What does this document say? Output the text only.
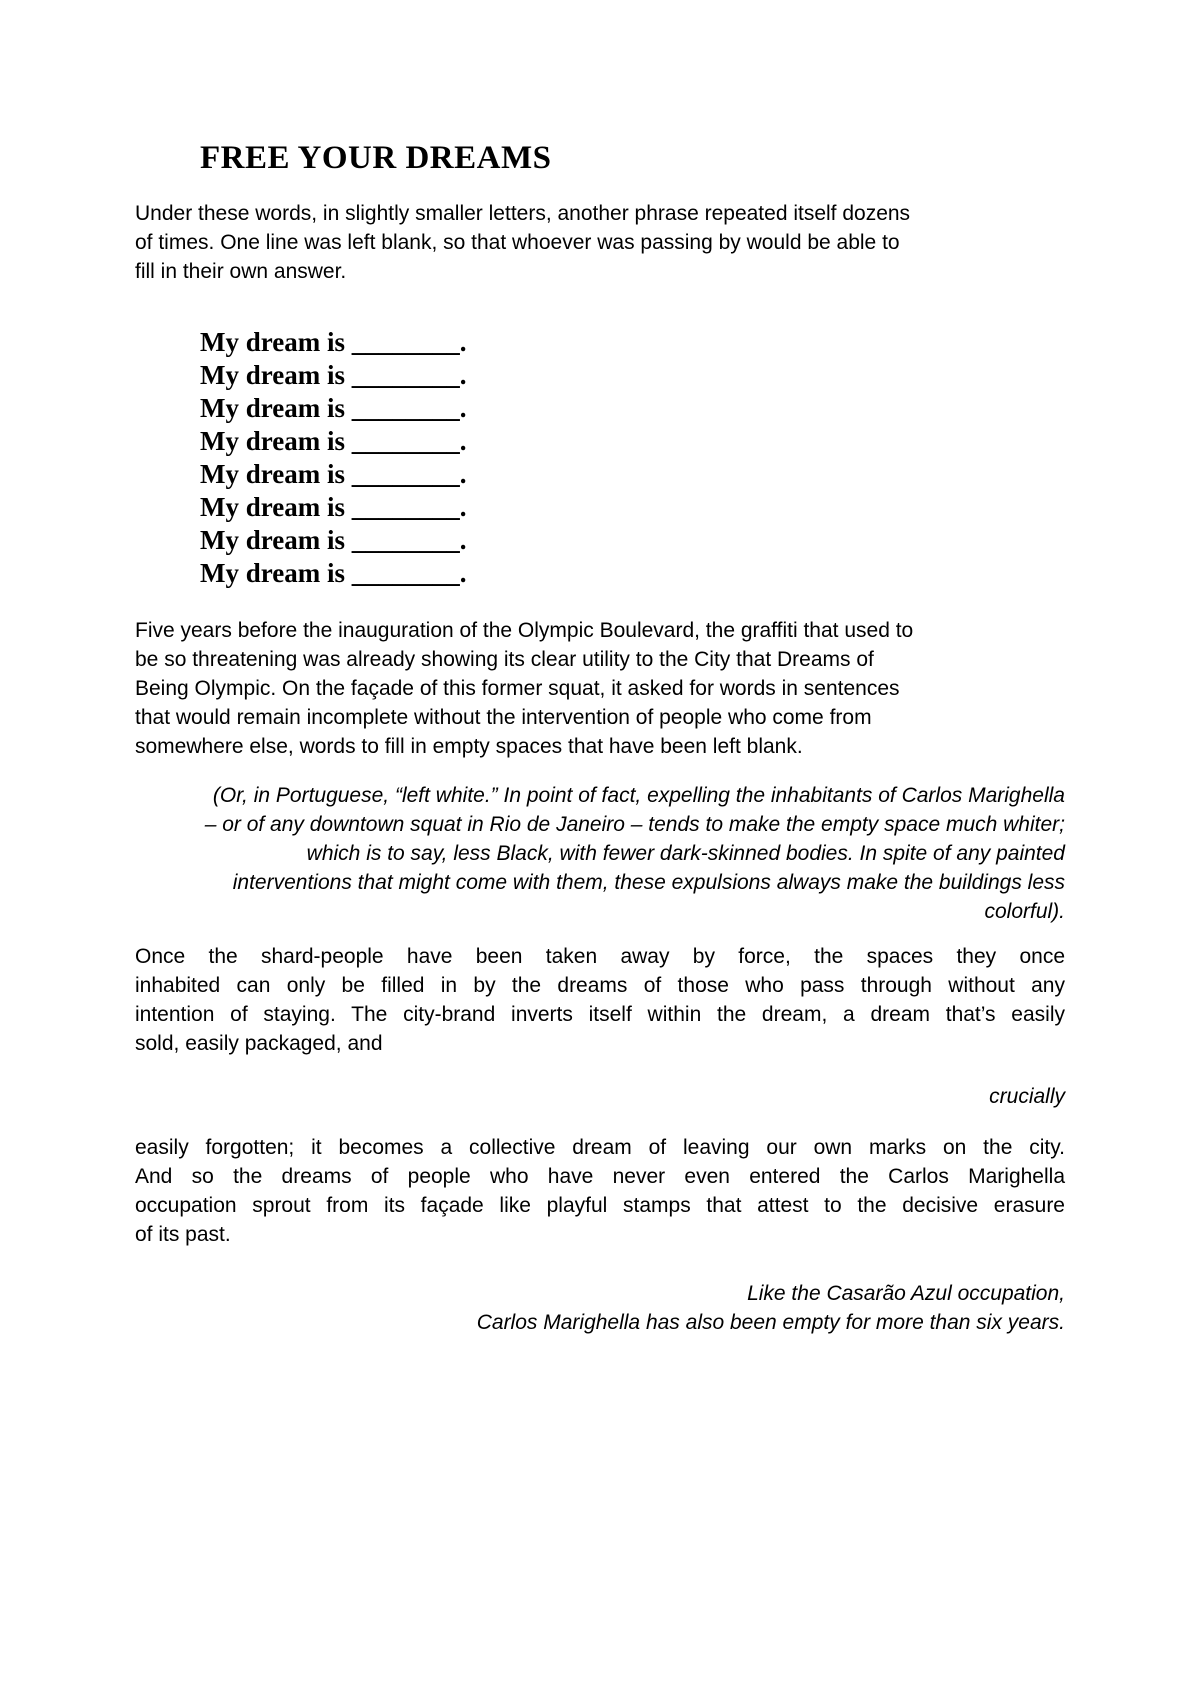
FREE YOUR DREAMS
Under these words, in slightly smaller letters, another phrase repeated itself dozens
of times. One line was left blank, so that whoever was passing by would be able to
fill in their own answer.
My dream is ________.
My dream is ________.
My dream is ________.
My dream is ________.
My dream is ________.
My dream is ________.
My dream is ________.
My dream is ________.
Five years before the inauguration of the Olympic Boulevard, the graffiti that used to
be so threatening was already showing its clear utility to the City that Dreams of
Being Olympic. On the façade of this former squat, it asked for words in sentences
that would remain incomplete without the intervention of people who come from
somewhere else, words to fill in empty spaces that have been left blank.
(Or, in Portuguese, “left white.” In point of fact, expelling the inhabitants of Carlos Marighella
– or of any downtown squat in Rio de Janeiro – tends to make the empty space much whiter;
which is to say, less Black, with fewer dark-skinned bodies. In spite of any painted
interventions that might come with them, these expulsions always make the buildings less
colorful).
Once the shard-people have been taken away by force, the spaces they once
inhabited can only be filled in by the dreams of those who pass through without any
intention of staying. The city-brand inverts itself within the dream, a dream that’s easily
sold, easily packaged, and
crucially
easily forgotten; it becomes a collective dream of leaving our own marks on the city.
And so the dreams of people who have never even entered the Carlos Marighella
occupation sprout from its façade like playful stamps that attest to the decisive erasure
of its past.
Like the Casarão Azul occupation,
Carlos Marighella has also been empty for more than six years.
